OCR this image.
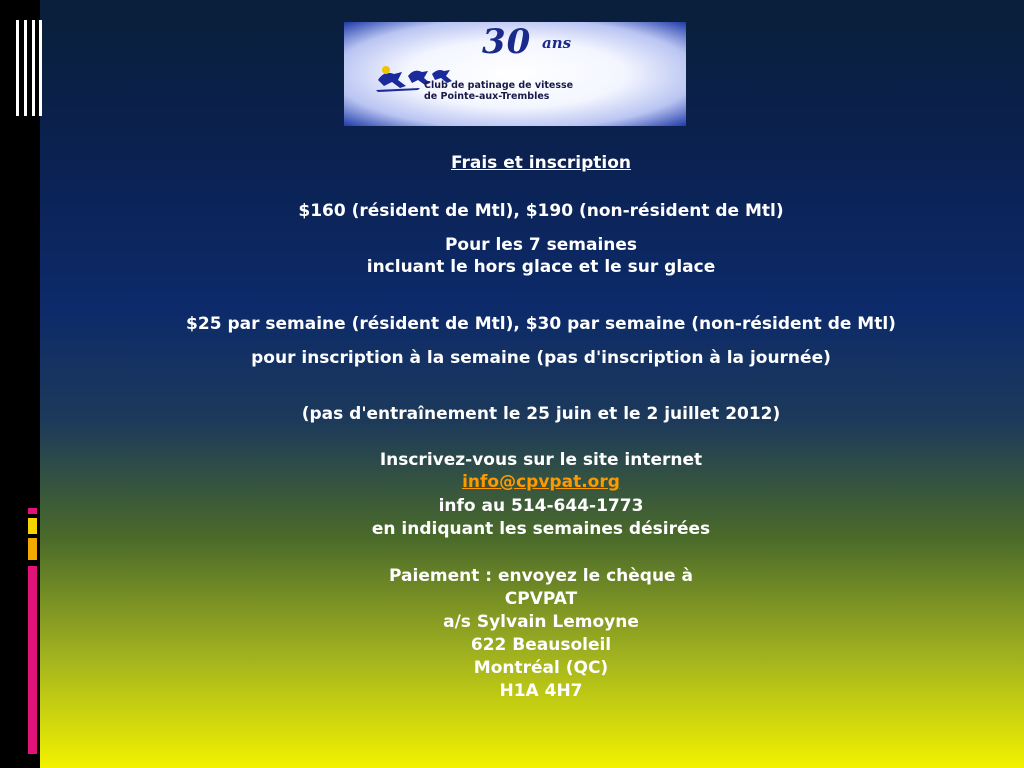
30 ans
Club de patinage de vitesse
de Pointe-aux-Trembles
Frais et inscription
$160 (résident de Mtl), $190 (non-résident de Mtl)
Pour les 7 semaines
incluant le hors glace et le sur glace
$25 par semaine (résident de Mtl), $30 par semaine (non-résident de Mtl)
pour inscription à la semaine (pas d'inscription à la journée)
(pas d'entraînement le 25 juin et le 2 juillet 2012)
Inscrivez-vous sur le site internet
info@cpvpat.org
info au 514-644-1773
en indiquant les semaines désirées
Paiement : envoyez le chèque à
CPVPAT
a/s Sylvain Lemoyne
622 Beausoleil
Montréal (QC)
H1A 4H7
